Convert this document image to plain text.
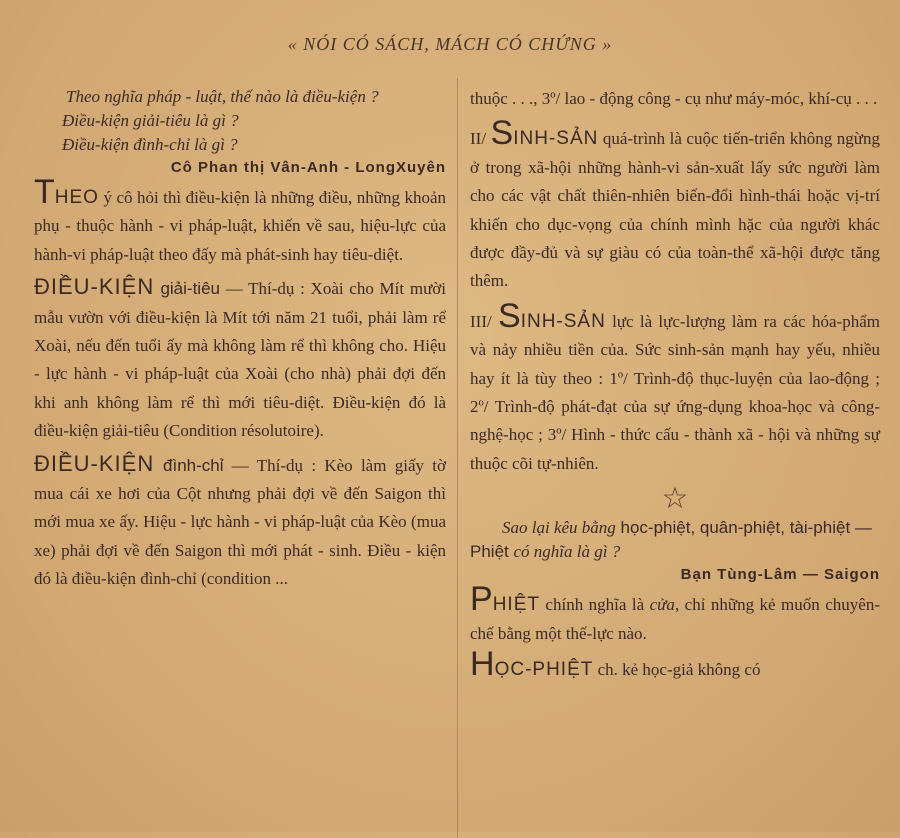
« NÓI CÓ SÁCH, MÁCH CÓ CHỨNG »

Theo nghĩa pháp - luật, thế nào là điều-kiện ?

Điều-kiện giải-tiêu là gì ?

Điều-kiện đình-chỉ là gì ?

Cô Phan thị Vân-Anh - LongXuyên

THEO ý cô hỏi thì điều-kiện là những điều, những khoản phụ - thuộc hành - vi pháp-luật, khiến về sau, hiệu-lực của hành-vi pháp-luật theo đấy mà phát-sinh hay tiêu-diệt.

ĐIỀU-KIỆN giải-tiêu — Thí-dụ : Xoài cho Mít mười mẫu vườn với điều-kiện là Mít tới năm 21 tuổi, phải làm rể Xoài, nếu đến tuổi ấy mà không làm rể thì không cho. Hiệu - lực hành - vi pháp-luật của Xoài (cho nhà) phải đợi đến khi anh không làm rể thì mới tiêu-diệt. Điều-kiện đó là điều-kiện giải-tiêu (Condition résolutoire).

ĐIỀU-KIỆN đình-chỉ — Thí-dụ : Kèo làm giấy tờ mua cái xe hơi của Cột nhưng phải đợi về đến Saigon thì mới mua xe ấy. Hiệu - lực hành - vi pháp-luật của Kèo (mua xe) phải đợi về đến Saigon thì mới phát - sinh. Điều - kiện đó là điều-kiện đình-chỉ (condition ...

thuộc . . ., 3º/ lao - động công - cụ như máy-móc, khí-cụ . . .

II/ SINH-SẢN quá-trình là cuộc tiến-triển không ngừng ở trong xã-hội những hành-vi sản-xuất lấy sức người làm cho các vật chất thiên-nhiên biến-đổi hình-thái hoặc vị-trí khiến cho dục-vọng của chính mình hặc của người khác được đầy-đủ và sự giàu có của toàn-thể xã-hội được tăng thêm.

III/ SINH-SẢN lực là lực-lượng làm ra các hóa-phẩm và nảy nhiều tiền của. Sức sinh-sản mạnh hay yếu, nhiều hay ít là tùy theo : 1º/ Trình-độ thục-luyện của lao-động ; 2º/ Trình-độ phát-đạt của sự ứng-dụng khoa-học và công-nghệ-học ; 3º/ Hình - thức cấu - thành xã - hội và những sự thuộc cõi tự-nhiên.

☆

Sao lại kêu bằng học-phiệt, quân-phiệt, tài-phiệt — Phiệt có nghĩa là gì ?

Bạn Tùng-Lâm — Saigon

PHIỆT chính nghĩa là cửa, chỉ những kẻ muốn chuyên-chế bằng một thế-lực nào.

HỌC-PHIỆT ch. kẻ học-giả không có
